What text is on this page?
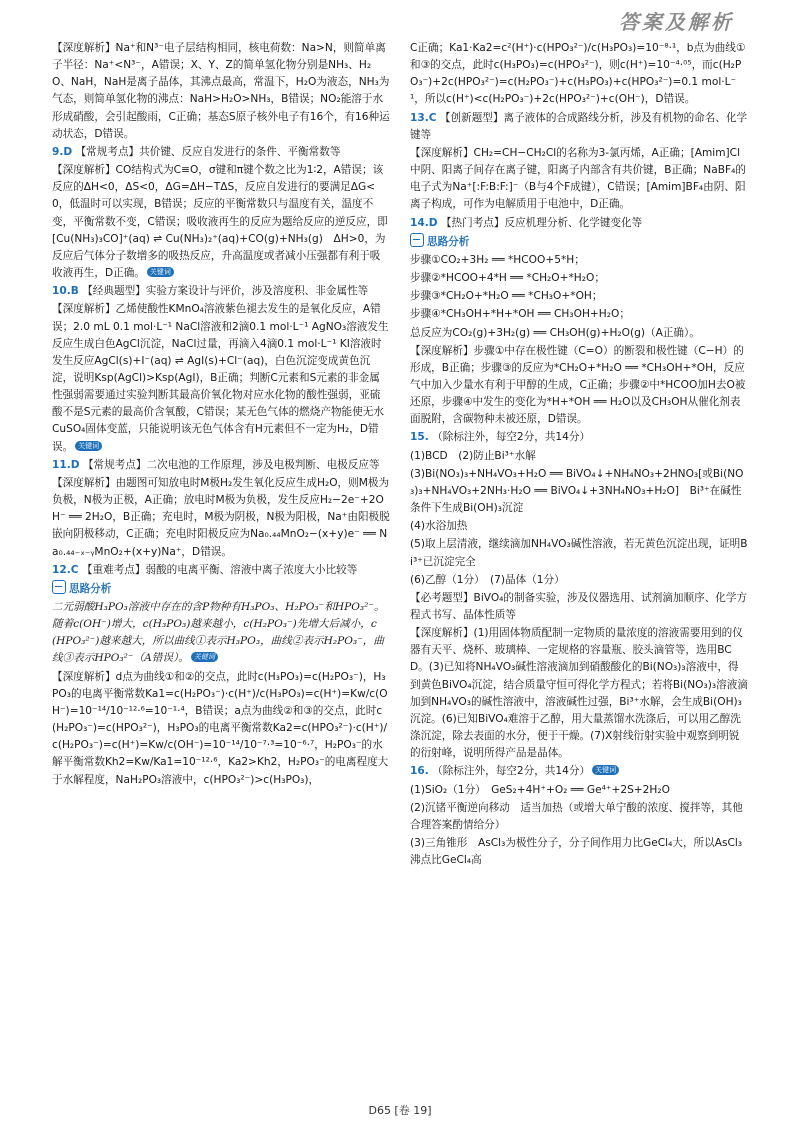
答案及解析
【深度解析】Na⁺和N³⁻电子层结构相同，核电荷数：Na>N，则简单离子半径：Na⁺<N³⁻，A错误；X、Y、Z的简单氢化物分别是NH₃、H₂O、NaH，NaH是离子晶体，其沸点最高，常温下，H₂O为液态，NH₃为气态，则简单氢化物的沸点：NaH>H₂O>NH₃，B错误；NO₂能溶于水形成硝酸，会引起酸雨，C正确；基态S原子核外电子有16个，有16种运动状态，D错误。
9.D 【常规考点】共价键、反应自发进行的条件、平衡常数等
【深度解析】CO结构式为C≡O，σ键和π键个数之比为1∶2，A错误；该反应的ΔH<0，ΔS<0，ΔG=ΔH−TΔS，反应自发进行的要满足ΔG<0，低温时可以实现，B错误；反应的平衡常数只与温度有关，温度不变，平衡常数不变，C错误；吸收液再生的反应为题给反应的逆反应，即[Cu(NH₃)₃CO]⁺(aq) ⇌ Cu(NH₃)₂⁺(aq)+CO(g)+NH₃(g)　ΔH>0，为反应后气体分子数增多的吸热反应，升高温度或者减小压强都有利于吸收液再生，D正确。 关键词
10.B 【经典题型】实验方案设计与评价，涉及溶度积、非金属性等
【深度解析】乙烯使酸性KMnO₄溶液紫色褪去发生的是氧化反应，A错误；2.0 mL 0.1 mol·L⁻¹ NaCl溶液和2滴0.1 mol·L⁻¹ AgNO₃溶液发生反应生成白色AgCl沉淀，NaCl过量，再滴入4滴0.1 mol·L⁻¹ KI溶液时发生反应AgCl(s)+I⁻(aq) ⇌ AgI(s)+Cl⁻(aq)，白色沉淀变成黄色沉淀，说明Ksp(AgCl)>Ksp(AgI)，B正确；判断C元素和S元素的非金属性强弱需要通过实验判断其最高价氧化物对应水化物的酸性强弱，亚硫酸不是S元素的最高价含氧酸，C错误；某无色气体的燃烧产物能使无水CuSO₄固体变蓝，只能说明该无色气体含有H元素但不一定为H₂，D错误。 关键词
11.D 【常规考点】二次电池的工作原理，涉及电极判断、电极反应等
【深度解析】由题图可知放电时M极H₂发生氧化反应生成H₂O，则M极为负极，N极为正极，A正确；放电时M极为负极，发生反应H₂−2e⁻+2OH⁻ ══ 2H₂O，B正确；充电时，M极为阴极，N极为阳极，Na⁺由阳极脱嵌向阴极移动，C正确；充电时阳极反应为Na₀.₄₄MnO₂−(x+y)e⁻ ══ Na₀.₄₄₋ₓ₋ᵧMnO₂+(x+y)Na⁺，D错误。
12.C 【重难考点】弱酸的电离平衡、溶液中离子浓度大小比较等
思路分析
二元弱酸H₃PO₃溶液中存在的含P物种有H₃PO₃、H₂PO₃⁻和HPO₃²⁻。随着c(OH⁻)增大，c(H₃PO₃)越来越小，c(H₂PO₃⁻)先增大后减小，c(HPO₃²⁻)越来越大，所以曲线①表示H₃PO₃，曲线②表示H₂PO₃⁻，曲线③表示HPO₃²⁻（A错误）。 关键词
【深度解析】d点为曲线①和②的交点，此时c(H₃PO₃)=c(H₂PO₃⁻)，H₃PO₃的电离平衡常数Ka1=c(H₂PO₃⁻)·c(H⁺)/c(H₃PO₃)=c(H⁺)=Kw/c(OH⁻)=10⁻¹⁴/10⁻¹²·⁶=10⁻¹·⁴，B错误；a点为曲线②和③的交点，此时c(H₂PO₃⁻)=c(HPO₃²⁻)，H₃PO₃的电离平衡常数Ka2=c(HPO₃²⁻)·c(H⁺)/c(H₂PO₃⁻)=c(H⁺)=Kw/c(OH⁻)=10⁻¹⁴/10⁻⁷·³=10⁻⁶·⁷，H₂PO₃⁻的水解平衡常数Kh2=Kw/Ka1=10⁻¹²·⁶，Ka2>Kh2，H₂PO₃⁻的电离程度大于水解程度，NaH₂PO₃溶液中，c(HPO₃²⁻)>c(H₃PO₃)，
C正确；Ka1·Ka2=c²(H⁺)·c(HPO₃²⁻)/c(H₃PO₃)=10⁻⁸·¹，b点为曲线①和③的交点，此时c(H₃PO₃)=c(HPO₃²⁻)，则c(H⁺)=10⁻⁴·⁰⁵，而c(H₂PO₃⁻)+2c(HPO₃²⁻)=c(H₂PO₃⁻)+c(H₃PO₃)+c(HPO₃²⁻)=0.1 mol·L⁻¹，所以c(H⁺)<c(H₂PO₃⁻)+2c(HPO₃²⁻)+c(OH⁻)，D错误。
13.C 【创新题型】离子液体的合成路线分析，涉及有机物的命名、化学键等
【深度解析】CH₂=CH−CH₂Cl的名称为3-氯丙烯，A正确；[Amim]Cl中阴、阳离子间存在离子键，阳离子内部含有共价键，B正确；NaBF₄的电子式为Na⁺[:F:B:F:]⁻（B与4个F成键），C错误；[Amim]BF₄由阴、阳离子构成，可作为电解质用于电池中，D正确。
14.D 【热门考点】反应机理分析、化学键变化等
思路分析
步骤①CO₂+3H₂ ══ *HCOO+5*H；
步骤②*HCOO+4*H ══ *CH₂O+*H₂O；
步骤③*CH₂O+*H₂O ══ *CH₃O+*OH；
步骤④*CH₃OH+*H+*OH ══ CH₃OH+H₂O；
总反应为CO₂(g)+3H₂(g) ══ CH₃OH(g)+H₂O(g)（A正确）。
【深度解析】步骤①中存在极性键（C=O）的断裂和极性键（C−H）的形成，B正确；步骤③的反应为*CH₂O+*H₂O ══ *CH₃OH+*OH，反应气中加入少量水有利于甲醇的生成，C正确；步骤②中*HCOO加H去O被还原，步骤④中发生的变化为*H+*OH ══ H₂O以及CH₃OH从催化剂表面脱附，含碳物种未被还原，D错误。
15. （除标注外，每空2分，共14分）
(1)BCD　(2)防止Bi³⁺水解
(3)Bi(NO₃)₃+NH₄VO₃+H₂O ══ BiVO₄↓+NH₄NO₃+2HNO₃[或Bi(NO₃)₃+NH₄VO₃+2NH₃·H₂O ══ BiVO₄↓+3NH₄NO₃+H₂O]　Bi³⁺在碱性条件下生成Bi(OH)₃沉淀
(4)水浴加热
(5)取上层清液，继续滴加NH₄VO₃碱性溶液，若无黄色沉淀出现，证明Bi³⁺已沉淀完全
(6)乙醇（1分）　(7)晶体（1分）
【必考题型】BiVO₄的制备实验，涉及仪器选用、试剂滴加顺序、化学方程式书写、晶体性质等
【深度解析】(1)用固体物质配制一定物质的量浓度的溶液需要用到的仪器有天平、烧杯、玻璃棒、一定规格的容量瓶、胶头滴管等，选用BCD。(3)已知将NH₄VO₃碱性溶液滴加到硝酸酸化的Bi(NO₃)₃溶液中，得到黄色BiVO₄沉淀，结合质量守恒可得化学方程式；若将Bi(NO₃)₃溶液滴加到NH₄VO₃的碱性溶液中，溶液碱性过强，Bi³⁺水解，会生成Bi(OH)₃沉淀。(6)已知BiVO₄难溶于乙醇，用大量蒸馏水洗涤后，可以用乙醇洗涤沉淀，除去表面的水分，便于干燥。(7)X射线衍射实验中观察到明锐的衍射峰，说明所得产品是晶体。
16. （除标注外，每空2分，共14分） 关键词
(1)SiO₂（1分）　GeS₂+4H⁺+O₂ ══ Ge⁴⁺+2S+2H₂O
(2)沉锗平衡逆向移动　适当加热（或增大单宁酸的浓度、搅拌等，其他合理答案酌情给分）
(3)三角锥形　AsCl₃为极性分子，分子间作用力比GeCl₄大，所以AsCl₃沸点比GeCl₄高
D65 [卷 19]
